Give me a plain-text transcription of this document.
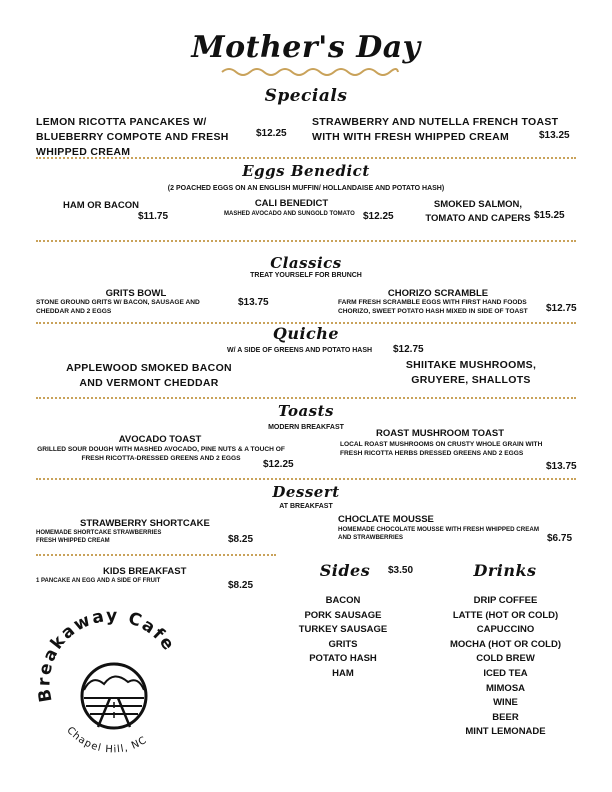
Mother's Day
Specials
LEMON RICOTTA PANCAKES W/ BLUEBERRY COMPOTE AND FRESH WHIPPED CREAM
$12.25
STRAWBERRY AND NUTELLA FRENCH TOAST WITH WITH FRESH WHIPPED CREAM	$13.25
Eggs Benedict
(2 POACHED EGGS ON AN ENGLISH MUFFIN/ HOLLANDAISE AND POTATO HASH)
HAM OR BACON
$11.75
CALI BENEDICT
MASHED AVOCADO AND SUNGOLD TOMATO $12.25
SMOKED SALMON, TOMATO AND CAPERS $15.25
Classics
TREAT YOURSELF FOR BRUNCH
GRITS BOWL
STONE GROUND GRITS W/ BACON, SAUSAGE AND CHEDDAR AND 2 EGGS
$13.75
CHORIZO SCRAMBLE
FARM FRESH SCRAMBLE EGGS WITH FIRST HAND FOODS CHORIZO, SWEET POTATO HASH MIXED IN SIDE OF TOAST	$12.75
Quiche
W/ A SIDE OF GREENS AND POTATO HASH $12.75
APPLEWOOD SMOKED BACON AND VERMONT CHEDDAR
SHIITAKE MUSHROOMS, GRUYERE, SHALLOTS
Toasts
MODERN BREAKFAST
AVOCADO TOAST
GRILLED SOUR DOUGH WITH MASHED AVOCADO, PINE NUTS & A TOUCH OF FRESH RICOTTA-DRESSED GREENS AND 2 EGGS
$12.25
ROAST MUSHROOM TOAST
LOCAL ROAST MUSHROOMS ON CRUSTY WHOLE GRAIN WITH FRESH RICOTTA HERBS DRESSED GREENS AND 2 EGGS
$13.75
Dessert
AT BREAKFAST
STRAWBERRY SHORTCAKE
HOMEMADE SHORTCAKE STRAWBERRIES
FRESH WHIPPED CREAM	$8.25
CHOCLATE MOUSSE
HOMEMADE CHOCOLATE MOUSSE WITH FRESH WHIPPED CREAM AND STRAWBERRIES	$6.75
KIDS BREAKFAST
1 PANCAKE AN EGG AND A SIDE OF FRUIT	$8.25
Sides	$3.50
BACON
PORK SAUSAGE
TURKEY SAUSAGE
GRITS
POTATO HASH
HAM
Drinks
DRIP COFFEE
LATTE (HOT OR COLD)
CAPUCCINO
MOCHA (HOT OR COLD)
COLD BREW
ICED TEA
MIMOSA
WINE
BEER
MINT LEMONADE
Breakaway Cafe
Chapel Hill, NC
